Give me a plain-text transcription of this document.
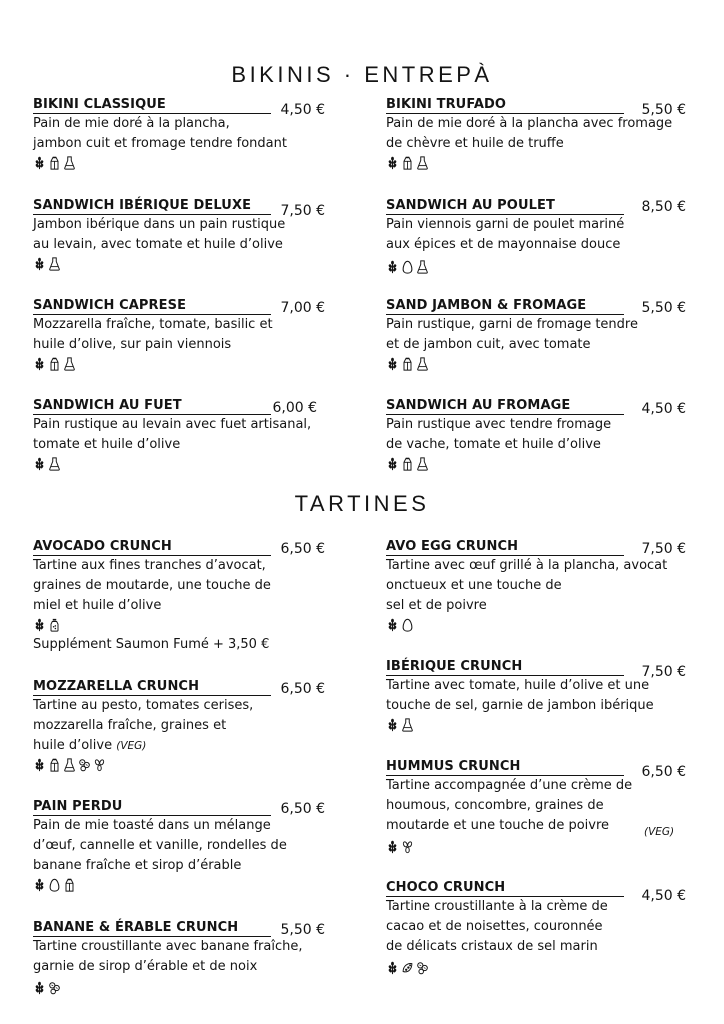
BIKINIS · ENTREPÀ
BIKINI CLASSIQUE	4,50 €
Pain de mie doré à la plancha,
jambon cuit et fromage tendre fondant
BIKINI TRUFADO	5,50 €
Pain de mie doré à la plancha avec fromage
de chèvre et huile de truffe
SANDWICH IBÉRIQUE DELUXE	7,50 €
Jambon ibérique dans un pain rustique
au levain, avec tomate et huile d’olive
SANDWICH AU POULET	8,50 €
Pain viennois garni de poulet mariné
aux épices et de mayonnaise douce
SANDWICH CAPRESE	7,00 €
Mozzarella fraîche, tomate, basilic et
huile d’olive, sur pain viennois
SAND JAMBON & FROMAGE	5,50 €
Pain rustique, garni de fromage tendre
et de jambon cuit, avec tomate
SANDWICH AU FUET	6,00 €
Pain rustique au levain avec fuet artisanal,
tomate et huile d’olive
SANDWICH AU FROMAGE	4,50 €
Pain rustique avec tendre fromage
de vache, tomate et huile d’olive
TARTINES
AVOCADO CRUNCH	6,50 €
Tartine aux fines tranches d’avocat,
graines de moutarde, une touche de
miel et huile d’olive
Supplément Saumon Fumé + 3,50 €
MOZZARELLA CRUNCH	6,50 €
Tartine au pesto, tomates cerises,
mozzarella fraîche, graines et
huile d’olive (VEG)
PAIN PERDU	6,50 €
Pain de mie toasté dans un mélange
d’œuf, cannelle et vanille, rondelles de
banane fraîche et sirop d’érable
BANANE & ÉRABLE CRUNCH	5,50 €
Tartine croustillante avec banane fraîche,
garnie de sirop d’érable et de noix
AVO EGG CRUNCH	7,50 €
Tartine avec œuf grillé à la plancha, avocat
onctueux et une touche de
sel et de poivre
IBÉRIQUE CRUNCH	7,50 €
Tartine avec tomate, huile d’olive et une
touche de sel, garnie de jambon ibérique
HUMMUS CRUNCH	6,50 €
Tartine accompagnée d’une crème de
houmous, concombre, graines de
moutarde et une touche de poivre	(VEG)
CHOCO CRUNCH
4,50 €
Tartine croustillante à la crème de
cacao et de noisettes, couronnée
de délicats cristaux de sel marin
